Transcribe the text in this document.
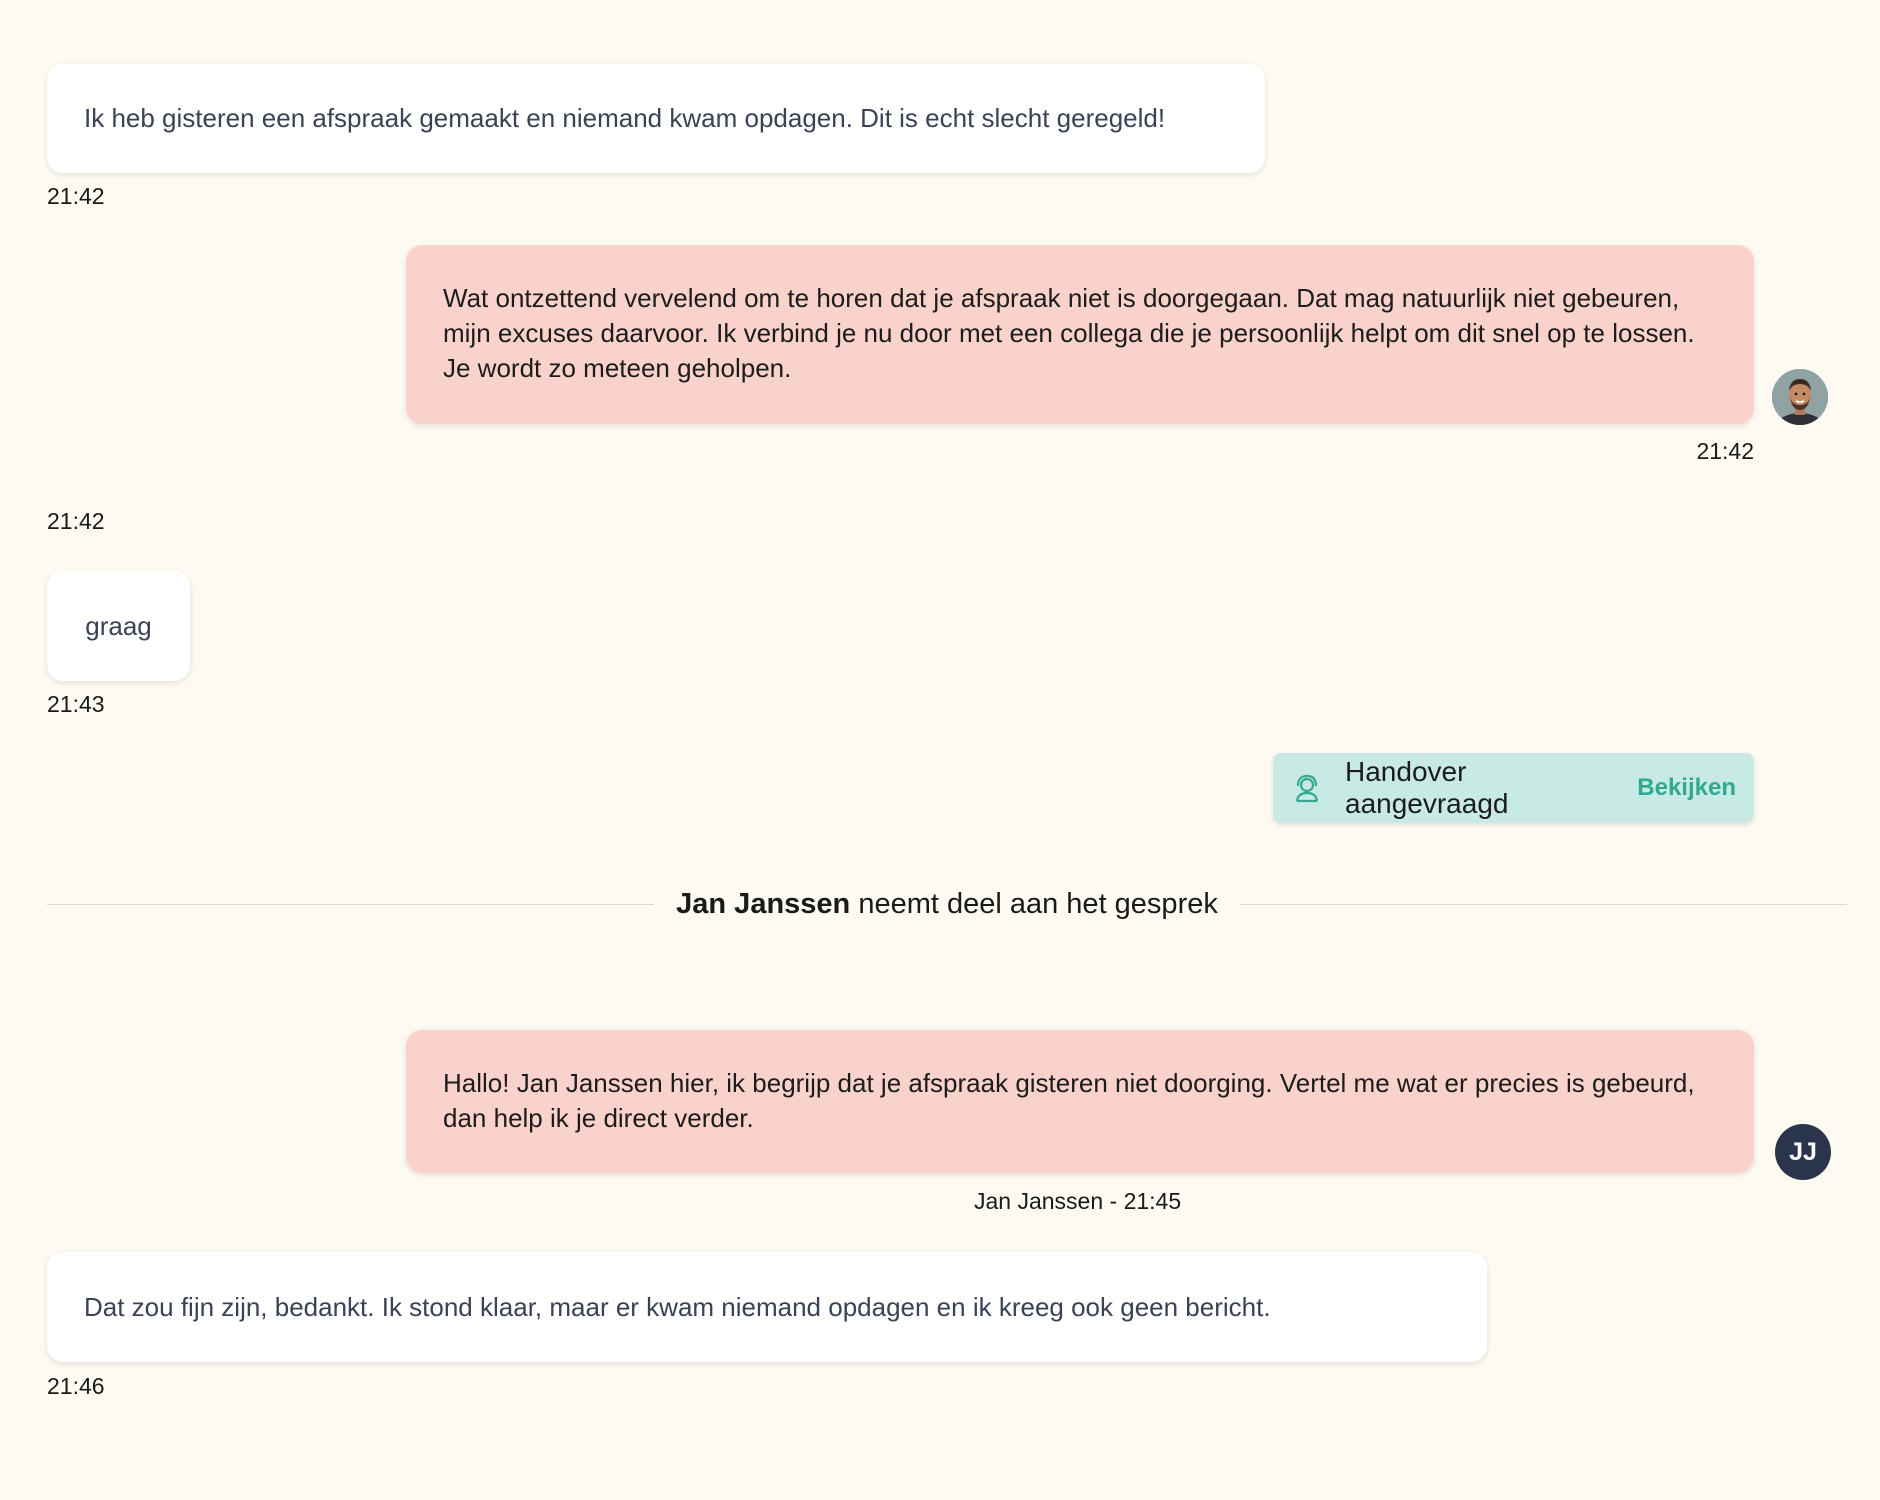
Ik heb gisteren een afspraak gemaakt en niemand kwam opdagen. Dit is echt slecht geregeld!
21:42
Wat ontzettend vervelend om te horen dat je afspraak niet is doorgegaan. Dat mag natuurlijk niet gebeuren, mijn excuses daarvoor. Ik verbind je nu door met een collega die je persoonlijk helpt om dit snel op te lossen. Je wordt zo meteen geholpen.
21:42
21:42
graag
21:43
Handover aangevraagd
Bekijken
Jan Janssen neemt deel aan het gesprek
Hallo! Jan Janssen hier, ik begrijp dat je afspraak gisteren niet doorging. Vertel me wat er precies is gebeurd, dan help ik je direct verder.
JJ
Jan Janssen - 21:45
Dat zou fijn zijn, bedankt. Ik stond klaar, maar er kwam niemand opdagen en ik kreeg ook geen bericht.
21:46
